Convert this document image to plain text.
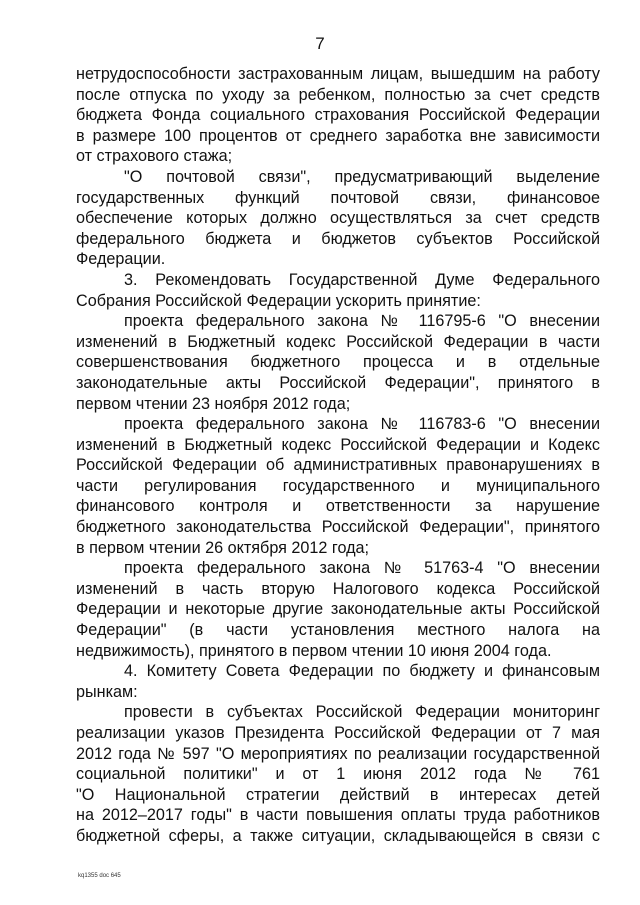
7
нетрудоспособности застрахованным лицам, вышедшим на работу
после отпуска по уходу за ребенком, полностью за счет средств
бюджета Фонда социального страхования Российской Федерации
в размере 100 процентов от среднего заработка вне зависимости
от страхового стажа;
"О почтовой связи", предусматривающий выделение
государственных функций почтовой связи, финансовое
обеспечение которых должно осуществляться за счет средств
федерального бюджета и бюджетов субъектов Российской
Федерации.
3. Рекомендовать Государственной Думе Федерального
Собрания Российской Федерации ускорить принятие:
проекта федерального закона № 116795-6 "О внесении
изменений в Бюджетный кодекс Российской Федерации в части
совершенствования бюджетного процесса и в отдельные
законодательные акты Российской Федерации", принятого в
первом чтении 23 ноября 2012 года;
проекта федерального закона № 116783-6 "О внесении
изменений в Бюджетный кодекс Российской Федерации и Кодекс
Российской Федерации об административных правонарушениях в
части регулирования государственного и муниципального
финансового контроля и ответственности за нарушение
бюджетного законодательства Российской Федерации", принятого
в первом чтении 26 октября 2012 года;
проекта федерального закона № 51763-4 "О внесении
изменений в часть вторую Налогового кодекса Российской
Федерации и некоторые другие законодательные акты Российской
Федерации" (в части установления местного налога на
недвижимость), принятого в первом чтении 10 июня 2004 года.
4. Комитету Совета Федерации по бюджету и финансовым
рынкам:
провести в субъектах Российской Федерации мониторинг
реализации указов Президента Российской Федерации от 7 мая
2012 года № 597 "О мероприятиях по реализации государственной
социальной политики" и от 1 июня 2012 года № 761
"О Национальной стратегии действий в интересах детей
на 2012–2017 годы" в части повышения оплаты труда работников
бюджетной сферы, а также ситуации, складывающейся в связи с
kq1355 doc 645
